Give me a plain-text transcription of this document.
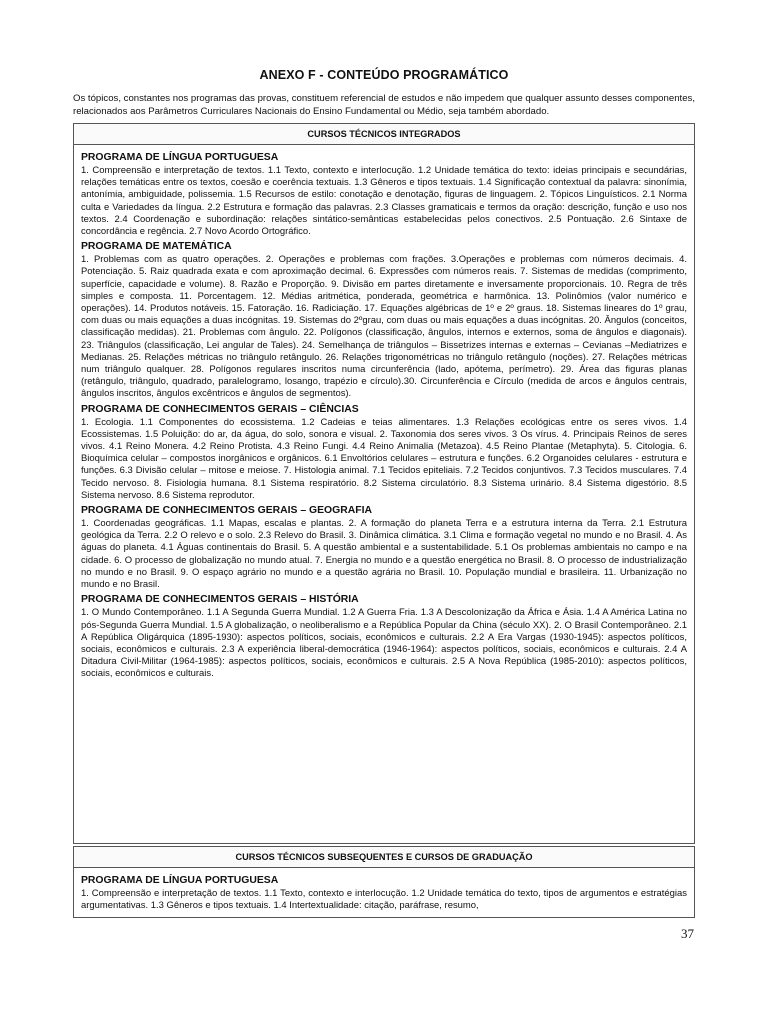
ANEXO F - CONTEÚDO PROGRAMÁTICO
Os tópicos, constantes nos programas das provas, constituem referencial de estudos e não impedem que qualquer assunto desses componentes, relacionados aos Parâmetros Curriculares Nacionais do Ensino Fundamental ou Médio, seja também abordado.
CURSOS TÉCNICOS INTEGRADOS
PROGRAMA DE LÍNGUA PORTUGUESA

1. Compreensão e interpretação de textos. 1.1 Texto, contexto e interlocução. 1.2 Unidade temática do texto: ideias principais e secundárias, relações temáticas entre os textos, coesão e coerência textuais. 1.3 Gêneros e tipos textuais. 1.4 Significação contextual da palavra: sinonímia, antonímia, ambiguidade, polissemia. 1.5 Recursos de estilo: conotação e denotação, figuras de linguagem. 2. Tópicos Linguísticos. 2.1 Norma culta e Variedades da língua. 2.2 Estrutura e formação das palavras. 2.3 Classes gramaticais e termos da oração: descrição, função e uso nos textos. 2.4 Coordenação e subordinação: relações sintático-semânticas estabelecidas pelos conectivos. 2.5 Pontuação. 2.6 Sintaxe de concordância e regência. 2.7 Novo Acordo Ortográfico.

PROGRAMA DE MATEMÁTICA

1. Problemas com as quatro operações. 2. Operações e problemas com frações. 3.Operações e problemas com números decimais. 4. Potenciação. 5. Raiz quadrada exata e com aproximação decimal. 6. Expressões com números reais. 7. Sistemas de medidas (comprimento, superfície, capacidade e volume). 8. Razão e Proporção. 9. Divisão em partes diretamente e inversamente proporcionais. 10. Regra de três simples e composta. 11. Porcentagem. 12. Médias aritmética, ponderada, geométrica e harmônica. 13. Polinômios (valor numérico e operações). 14. Produtos notáveis. 15. Fatoração. 16. Radiciação. 17. Equações algébricas de 1º e 2º graus. 18. Sistemas lineares do 1º grau, com duas ou mais equações a duas incógnitas. 19. Sistemas do 2ºgrau, com duas ou mais equações a duas incógnitas. 20. Ângulos (conceitos, classificação medidas). 21. Problemas com ângulo. 22. Polígonos (classificação, ângulos, internos e externos, soma de ângulos e diagonais). 23. Triângulos (classificação, Lei angular de Tales). 24. Semelhança de triângulos – Bissetrizes internas e externas – Cevianas –Mediatrizes e Medianas. 25. Relações métricas no triângulo retângulo. 26. Relações trigonométricas no triângulo retângulo (noções). 27. Relações métricas num triângulo qualquer. 28. Polígonos regulares inscritos numa circunferência (lado, apótema, perímetro). 29. Área das figuras planas (retângulo, triângulo, quadrado, paralelogramo, losango, trapézio e círculo).30. Circunferência e Círculo (medida de arcos e ângulos centrais, ângulos inscritos, ângulos excêntricos e ângulos de segmentos).

PROGRAMA DE CONHECIMENTOS GERAIS – CIÊNCIAS

1. Ecologia. 1.1 Componentes do ecossistema. 1.2 Cadeias e teias alimentares. 1.3 Relações ecológicas entre os seres vivos. 1.4 Ecossistemas. 1.5 Poluição: do ar, da água, do solo, sonora e visual. 2. Taxonomia dos seres vivos. 3 Os vírus. 4. Principais Reinos de seres vivos. 4.1 Reino Monera. 4.2 Reino Protista. 4.3 Reino Fungi. 4.4 Reino Animalia (Metazoa). 4.5 Reino Plantae (Metaphyta). 5. Citologia. 6. Bioquímica celular – compostos inorgânicos e orgânicos. 6.1 Envoltórios celulares – estrutura e funções. 6.2 Organoides celulares - estrutura e funções. 6.3 Divisão celular – mitose e meiose. 7. Histologia animal. 7.1 Tecidos epiteliais. 7.2 Tecidos conjuntivos. 7.3 Tecidos musculares. 7.4 Tecido nervoso. 8. Fisiologia humana. 8.1 Sistema respiratório. 8.2 Sistema circulatório. 8.3 Sistema urinário. 8.4 Sistema digestório. 8.5 Sistema nervoso. 8.6 Sistema reprodutor.

PROGRAMA DE CONHECIMENTOS GERAIS – GEOGRAFIA

1. Coordenadas geográficas. 1.1 Mapas, escalas e plantas. 2. A formação do planeta Terra e a estrutura interna da Terra. 2.1 Estrutura geológica da Terra. 2.2 O relevo e o solo. 2.3 Relevo do Brasil. 3. Dinâmica climática. 3.1 Clima e formação vegetal no mundo e no Brasil. 4. As águas do planeta. 4.1 Águas continentais do Brasil. 5. A questão ambiental e a sustentabilidade. 5.1 Os problemas ambientais no campo e na cidade. 6. O processo de globalização no mundo atual. 7. Energia no mundo e a questão energética no Brasil. 8. O processo de industrialização no mundo e no Brasil. 9. O espaço agrário no mundo e a questão agrária no Brasil. 10. População mundial e brasileira. 11. Urbanização no mundo e no Brasil.

PROGRAMA DE CONHECIMENTOS GERAIS – HISTÓRIA

1. O Mundo Contemporâneo. 1.1 A Segunda Guerra Mundial. 1.2 A Guerra Fria. 1.3 A Descolonização da África e Ásia. 1.4 A América Latina no pós-Segunda Guerra Mundial. 1.5 A globalização, o neoliberalismo e a República Popular da China (século XX). 2. O Brasil Contemporâneo. 2.1 A República Oligárquica (1895-1930): aspectos políticos, sociais, econômicos e culturais. 2.2 A Era Vargas (1930-1945): aspectos políticos, sociais, econômicos e culturais. 2.3 A experiência liberal-democrática (1946-1964): aspectos políticos, sociais, econômicos e culturais. 2.4 A Ditadura Civil-Militar (1964-1985): aspectos políticos, sociais, econômicos e culturais. 2.5 A Nova República (1985-2010): aspectos políticos, sociais, econômicos e culturais.

CURSOS TÉCNICOS SUBSEQUENTES E CURSOS DE GRADUAÇÃO
PROGRAMA DE LÍNGUA PORTUGUESA

1. Compreensão e interpretação de textos. 1.1 Texto, contexto e interlocução. 1.2 Unidade temática do texto, tipos de argumentos e estratégias argumentativas. 1.3 Gêneros e tipos textuais. 1.4 Intertextualidade: citação, paráfrase, resumo,

37
